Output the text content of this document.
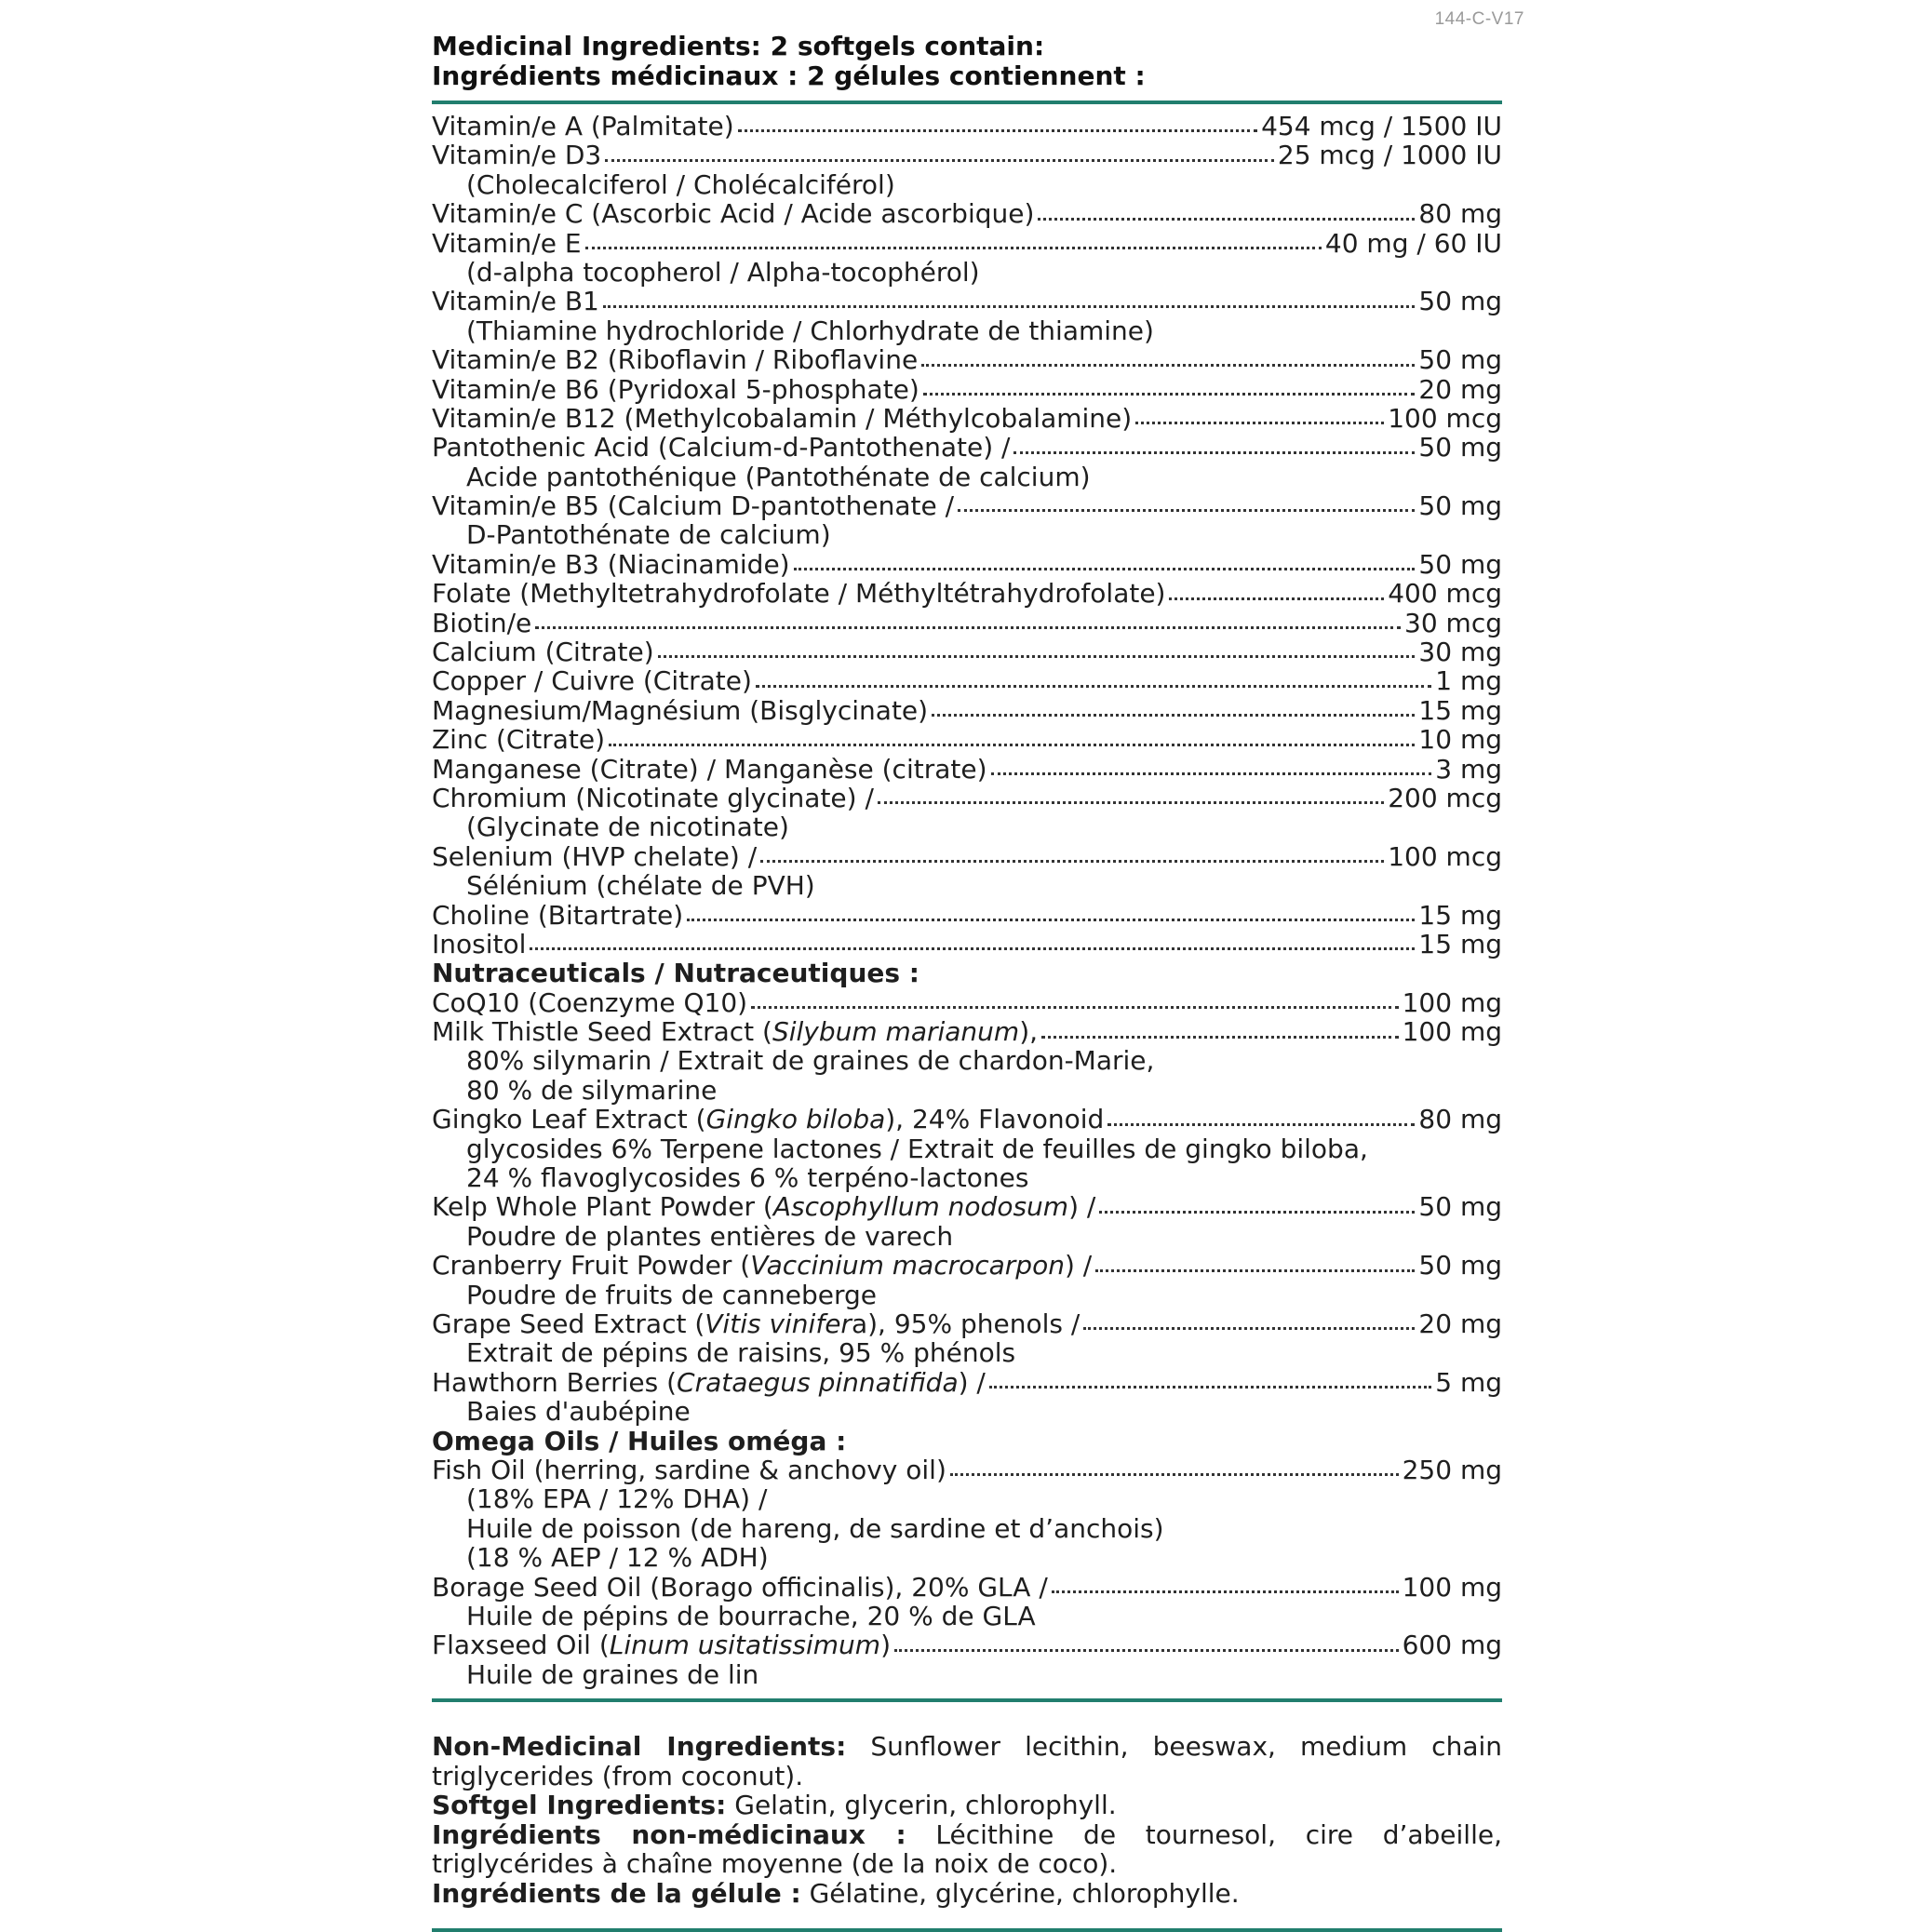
144-C-V17
Medicinal Ingredients: 2 softgels contain:
Ingrédients médicinaux : 2 gélules contiennent :
Vitamin/e A (Palmitate)	454 mcg / 1500 IU
Vitamin/e D3	25 mcg / 1000 IU
(Cholecalciferol / Cholécalciférol)
Vitamin/e C (Ascorbic Acid / Acide ascorbique)	80 mg
Vitamin/e E	40 mg / 60 IU
(d-alpha tocopherol / Alpha-tocophérol)
Vitamin/e B1	50 mg
(Thiamine hydrochloride / Chlorhydrate de thiamine)
Vitamin/e B2 (Riboflavin / Riboflavine	50 mg
Vitamin/e B6 (Pyridoxal 5-phosphate)	20 mg
Vitamin/e B12 (Methylcobalamin / Méthylcobalamine)	100 mcg
Pantothenic Acid (Calcium-d-Pantothenate) /	50 mg
Acide pantothénique (Pantothénate de calcium)
Vitamin/e B5 (Calcium D-pantothenate /	50 mg
D-Pantothénate de calcium)
Vitamin/e B3 (Niacinamide)	50 mg
Folate (Methyltetrahydrofolate / Méthyltétrahydrofolate)	400 mcg
Biotin/e	30 mcg
Calcium (Citrate)	30 mg
Copper / Cuivre (Citrate)	1 mg
Magnesium/Magnésium (Bisglycinate)	15 mg
Zinc (Citrate)	10 mg
Manganese (Citrate) / Manganèse (citrate)	3 mg
Chromium (Nicotinate glycinate) /	200 mcg
(Glycinate de nicotinate)
Selenium (HVP chelate) /	100 mcg
Sélénium (chélate de PVH)
Choline (Bitartrate)	15 mg
Inositol	15 mg
Nutraceuticals / Nutraceutiques :
CoQ10 (Coenzyme Q10)	100 mg
Milk Thistle Seed Extract (Silybum marianum),	100 mg
80% silymarin / Extrait de graines de chardon-Marie,
80 % de silymarine
Gingko Leaf Extract (Gingko biloba), 24% Flavonoid	80 mg
glycosides 6% Terpene lactones / Extrait de feuilles de gingko biloba,
24 % flavoglycosides 6 % terpéno-lactones
Kelp Whole Plant Powder (Ascophyllum nodosum) /	50 mg
Poudre de plantes entières de varech
Cranberry Fruit Powder (Vaccinium macrocarpon) /	50 mg
Poudre de fruits de canneberge
Grape Seed Extract (Vitis vinifera), 95% phenols /	20 mg
Extrait de pépins de raisins, 95 % phénols
Hawthorn Berries (Crataegus pinnatifida) /	5 mg
Baies d'aubépine
Omega Oils / Huiles oméga :
Fish Oil (herring, sardine & anchovy oil)	250 mg
(18% EPA / 12% DHA) /
Huile de poisson (de hareng, de sardine et d’anchois)
(18 % AEP / 12 % ADH)
Borage Seed Oil (Borago officinalis), 20% GLA /	100 mg
Huile de pépins de bourrache, 20 % de GLA
Flaxseed Oil (Linum usitatissimum)	600 mg
Huile de graines de lin
Non-Medicinal Ingredients: Sunflower lecithin, beeswax, medium chain triglycerides (from coconut).
Softgel Ingredients: Gelatin, glycerin, chlorophyll.
Ingrédients non-médicinaux : Lécithine de tournesol, cire d’abeille, triglycérides à chaîne moyenne (de la noix de coco).
Ingrédients de la gélule : Gélatine, glycérine, chlorophylle.
